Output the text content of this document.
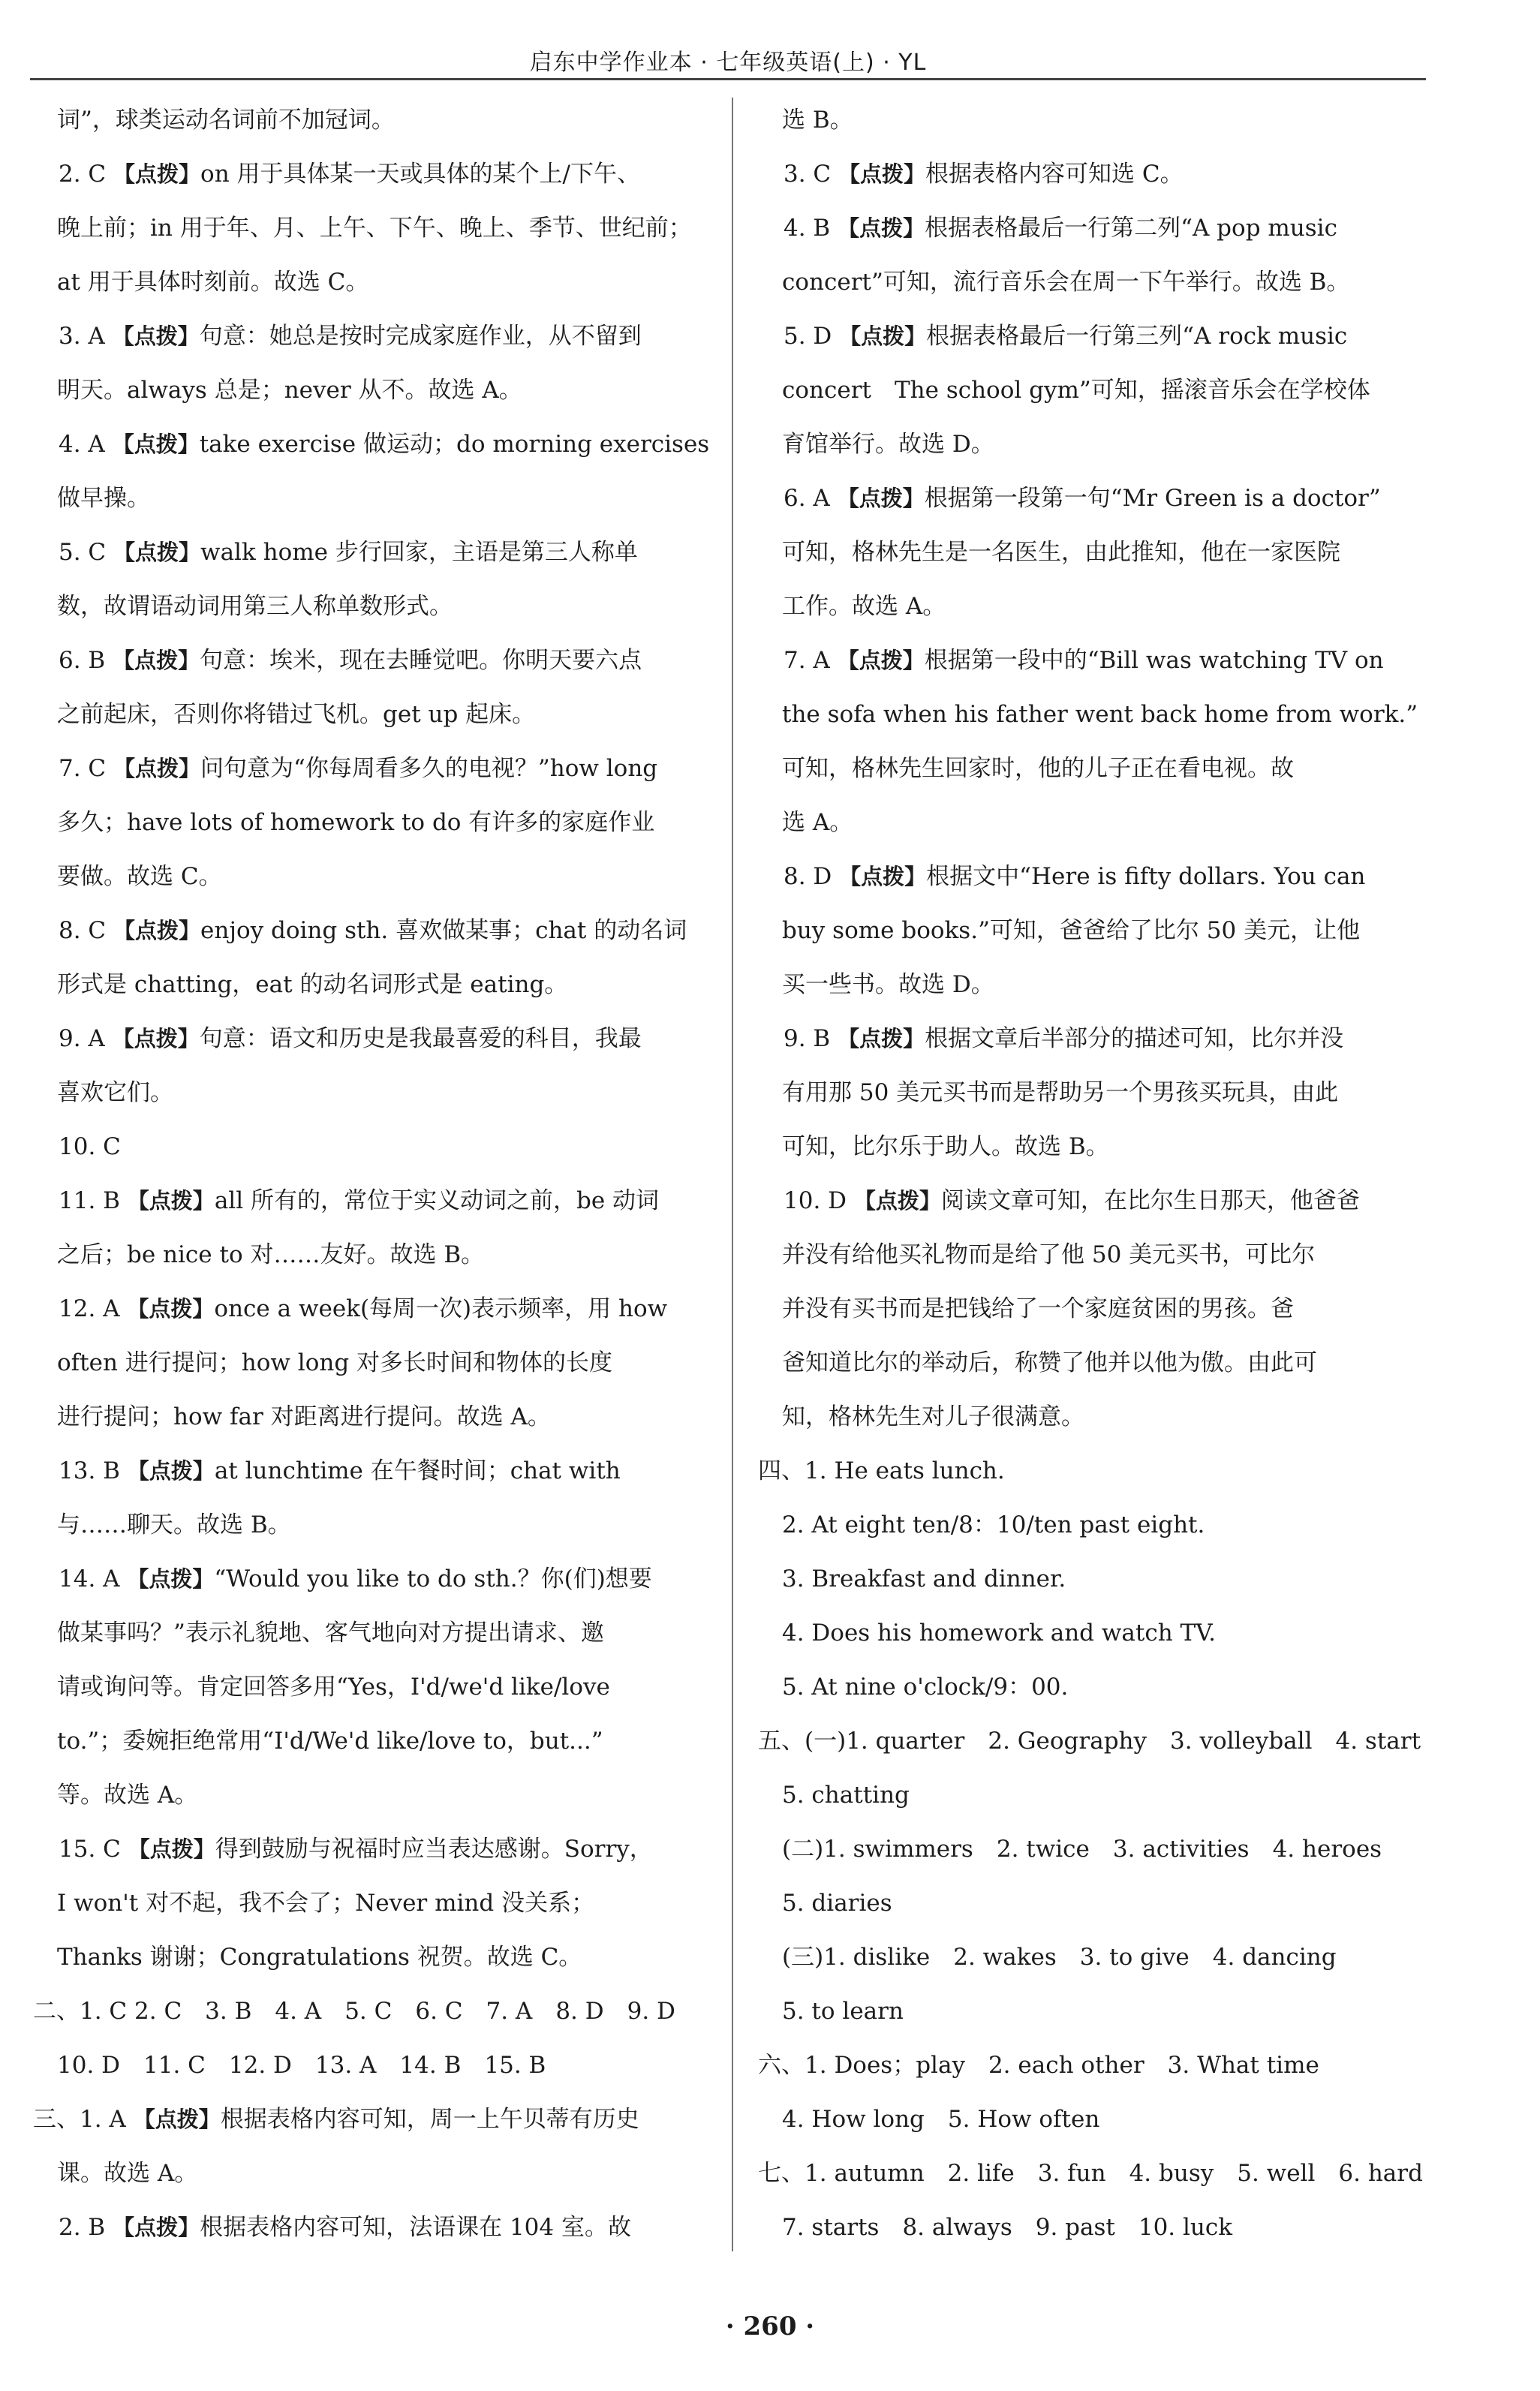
启东中学作业本 · 七年级英语(上) · YL
词”，球类运动名词前不加冠词。
2. C 【点拨】on 用于具体某一天或具体的某个上/下午、
晚上前；in 用于年、月、上午、下午、晚上、季节、世纪前；
at 用于具体时刻前。故选 C。
3. A 【点拨】句意：她总是按时完成家庭作业，从不留到
明天。always 总是；never 从不。故选 A。
4. A 【点拨】take exercise 做运动；do morning exercises
做早操。
5. C 【点拨】walk home 步行回家，主语是第三人称单
数，故谓语动词用第三人称单数形式。
6. B 【点拨】句意：埃米，现在去睡觉吧。你明天要六点
之前起床，否则你将错过飞机。get up 起床。
7. C 【点拨】问句意为“你每周看多久的电视？”how long
多久；have lots of homework to do 有许多的家庭作业
要做。故选 C。
8. C 【点拨】enjoy doing sth. 喜欢做某事；chat 的动名词
形式是 chatting，eat 的动名词形式是 eating。
9. A 【点拨】句意：语文和历史是我最喜爱的科目，我最
喜欢它们。
10. C
11. B 【点拨】all 所有的，常位于实义动词之前，be 动词
之后；be nice to 对……友好。故选 B。
12. A 【点拨】once a week(每周一次)表示频率，用 how
often 进行提问；how long 对多长时间和物体的长度
进行提问；how far 对距离进行提问。故选 A。
13. B 【点拨】at lunchtime 在午餐时间；chat with
与……聊天。故选 B。
14. A 【点拨】“Would you like to do sth.？你(们)想要
做某事吗？”表示礼貌地、客气地向对方提出请求、邀
请或询问等。肯定回答多用“Yes，I'd/we'd like/love
to.”；委婉拒绝常用“I'd/We'd like/love to，but...”
等。故选 A。
15. C 【点拨】得到鼓励与祝福时应当表达感谢。Sorry，
I won't 对不起，我不会了；Never mind 没关系；
Thanks 谢谢；Congratulations 祝贺。故选 C。
二、1. C 2. C　3. B　4. A　5. C　6. C　7. A　8. D　9. D
10. D　11. C　12. D　13. A　14. B　15. B
三、1. A 【点拨】根据表格内容可知，周一上午贝蒂有历史
课。故选 A。
2. B 【点拨】根据表格内容可知，法语课在 104 室。故
选 B。
3. C 【点拨】根据表格内容可知选 C。
4. B 【点拨】根据表格最后一行第二列“A pop music
concert”可知，流行音乐会在周一下午举行。故选 B。
5. D 【点拨】根据表格最后一行第三列“A rock music
concert　The school gym”可知，摇滚音乐会在学校体
育馆举行。故选 D。
6. A 【点拨】根据第一段第一句“Mr Green is a doctor”
可知，格林先生是一名医生，由此推知，他在一家医院
工作。故选 A。
7. A 【点拨】根据第一段中的“Bill was watching TV on
the sofa when his father went back home from work.”
可知，格林先生回家时，他的儿子正在看电视。故
选 A。
8. D 【点拨】根据文中“Here is fifty dollars. You can
buy some books.”可知，爸爸给了比尔 50 美元，让他
买一些书。故选 D。
9. B 【点拨】根据文章后半部分的描述可知，比尔并没
有用那 50 美元买书而是帮助另一个男孩买玩具，由此
可知，比尔乐于助人。故选 B。
10. D 【点拨】阅读文章可知，在比尔生日那天，他爸爸
并没有给他买礼物而是给了他 50 美元买书，可比尔
并没有买书而是把钱给了一个家庭贫困的男孩。爸
爸知道比尔的举动后，称赞了他并以他为傲。由此可
知，格林先生对儿子很满意。
四、1. He eats lunch.
2. At eight ten/8：10/ten past eight.
3. Breakfast and dinner.
4. Does his homework and watch TV.
5. At nine o'clock/9：00.
五、(一)1. quarter　2. Geography　3. volleyball　4. start
5. chatting
(二)1. swimmers　2. twice　3. activities　4. heroes
5. diaries
(三)1. dislike　2. wakes　3. to give　4. dancing
5. to learn
六、1. Does；play　2. each other　3. What time
4. How long　5. How often
七、1. autumn　2. life　3. fun　4. busy　5. well　6. hard
7. starts　8. always　9. past　10. luck
· 260 ·
